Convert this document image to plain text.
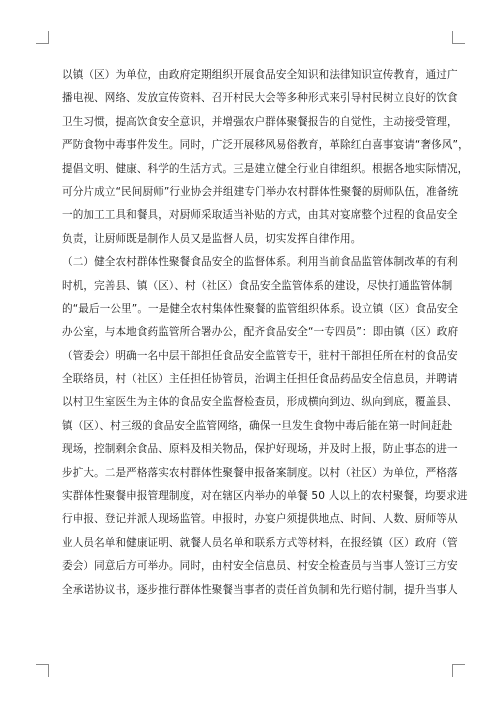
以镇（区）为单位，由政府定期组织开展食品安全知识和法律知识宣传教育，通过广
播电视、网络、发放宣传资料、召开村民大会等多种形式来引导村民树立良好的饮食
卫生习惯，提高饮食安全意识，并增强农户群体聚餐报告的自觉性，主动接受管理，
严防食物中毒事件发生。同时，广泛开展移风易俗教育，革除红白喜事宴请“奢侈风”，
提倡文明、健康、科学的生活方式。三是建立健全行业自律组织。根据各地实际情况，
可分片成立“民间厨师”行业协会并组建专门举办农村群体性聚餐的厨师队伍，准备统
一的加工工具和餐具，对厨师采取适当补贴的方式，由其对宴席整个过程的食品安全
负责，让厨师既是制作人员又是监督人员，切实发挥自律作用。
（二）健全农村群体性聚餐食品安全的监督体系。利用当前食品监管体制改革的有利
时机，完善县、镇（区）、村（社区）食品安全监管体系的建设，尽快打通监管体制
的“最后一公里”。一是健全农村集体性聚餐的监管组织体系。设立镇（区）食品安全
办公室，与本地食药监管所合署办公，配齐食品安全“一专四员”：即由镇（区）政府
（管委会）明确一名中层干部担任食品安全监管专干，驻村干部担任所在村的食品安
全联络员，村（社区）主任担任协管员，治调主任担任食品药品安全信息员，并聘请
以村卫生室医生为主体的食品安全监督检查员，形成横向到边、纵向到底，覆盖县、
镇（区）、村三级的食品安全监管网络，确保一旦发生食物中毒后能在第一时间赶赴
现场，控制剩余食品、原料及相关物品，保护好现场，并及时上报，防止事态的进一
步扩大。二是严格落实农村群体性聚餐申报备案制度。以村（社区）为单位，严格落
实群体性聚餐申报管理制度，对在辖区内举办的单餐 50 人以上的农村聚餐，均要求进
行申报、登记并派人现场监管。申报时，办宴户须提供地点、时间、人数、厨师等从
业人员名单和健康证明、就餐人员名单和联系方式等材料，在报经镇（区）政府（管
委会）同意后方可举办。同时，由村安全信息员、村安全检查员与当事人签订三方安
全承诺协议书，逐步推行群体性聚餐当事者的责任首负制和先行赔付制，提升当事人
